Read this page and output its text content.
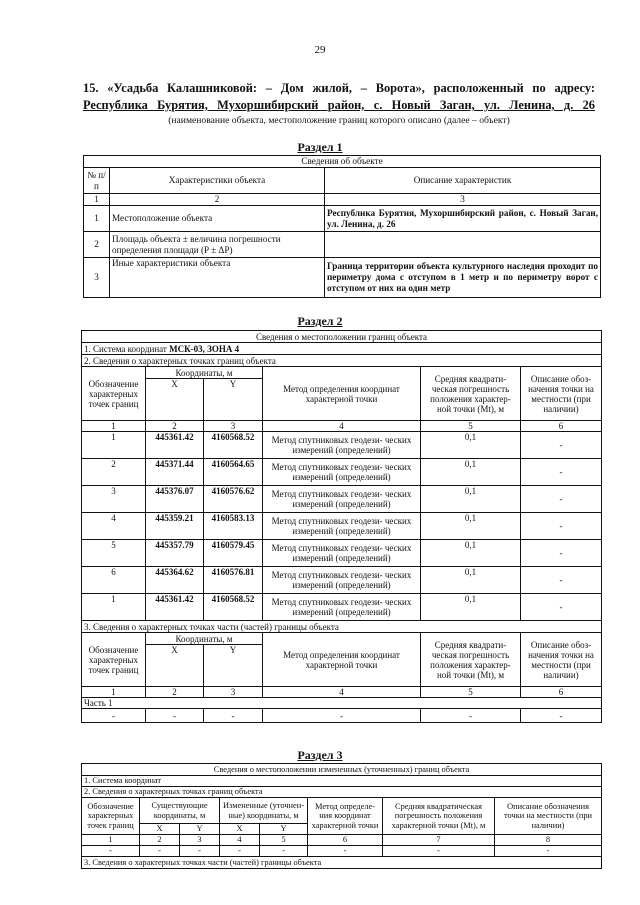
29
15. «Усадьба Калашниковой: – Дом жилой, – Ворота», расположенный по адресу:
Республика Бурятия, Мухоршибирский район, с. Новый Заган, ул. Ленина, д. 26
(наименование объекта, местоположение границ которого описано (далее – объект)
Раздел 1
Сведения об объекте		
№ п/п	Характеристики объекта	Описание характеристик
1	2	3
1	Местоположение объекта	Республика Бурятия, Мухоршибирский район, с. Новый Заган, ул. Ленина, д. 26
2	Площадь объекта ± величина погрешности определения площади (P ± ΔP)	
3	Иные характеристики объекта	Граница территории объекта культурного наследия проходит по периметру дома с отступом в 1 метр и по периметру ворот с отступом от них на один метр
Раздел 2
Сведения о местоположении границ объекта					
1. Система координат МСК-03, ЗОНА 4					
2. Сведения о характерных точках границ объекта					
Обозначение характерных точек границ	Координаты, м		Метод определения координат характерной точки	Средняя квадрати- ческая погрешность положения характер- ной точки (Mt), м	Описание обоз- начения точки на местности (при наличии)
	X	Y			
1	2	3	4	5	6
1	445361.42	4160568.52	Метод спутниковых геодези- ческих измерений (определений)	0,1	-
2	445371.44	4160564.65	Метод спутниковых геодези- ческих измерений (определений)	0,1	-
3	445376.07	4160576.62	Метод спутниковых геодези- ческих измерений (определений)	0,1	-
4	445359.21	4160583.13	Метод спутниковых геодези- ческих измерений (определений)	0,1	-
5	445357.79	4160579.45	Метод спутниковых геодези- ческих измерений (определений)	0,1	-
6	445364.62	4160576.81	Метод спутниковых геодези- ческих измерений (определений)	0,1	-
1	445361.42	4160568.52	Метод спутниковых геодези- ческих измерений (определений)	0,1	-
3. Сведения о характерных точках части (частей) границы объекта					
Обозначение характерных точек границ	Координаты, м		Метод определения координат характерной точки	Средняя квадрати- ческая погрешность положения характер- ной точки (Mt), м	Описание обоз- начения точки на местности (при наличии)
	X	Y			
1	2	3	4	5	6
Часть 1					
-	-	-	-	-	-
Раздел 3
Сведения о местоположении измененных (уточненных) границ объекта							
1. Система координат							
2. Сведения о характерных точках границ объекта							
Обозначение характерных точек границ	Существующие координаты, м		Измененные (уточнен- ные) координаты, м		Метод определе- ния координат характерной точки	Средняя квадратическая погрешность положения характерной точки (Mt), м	Описание обозначения точки на местности (при наличии)
	X	Y	X	Y			
1	2	3	4	5	6	7	8
-	-	-	-	-	-	-	-
3. Сведения о характерных точках части (частей) границы объекта							
